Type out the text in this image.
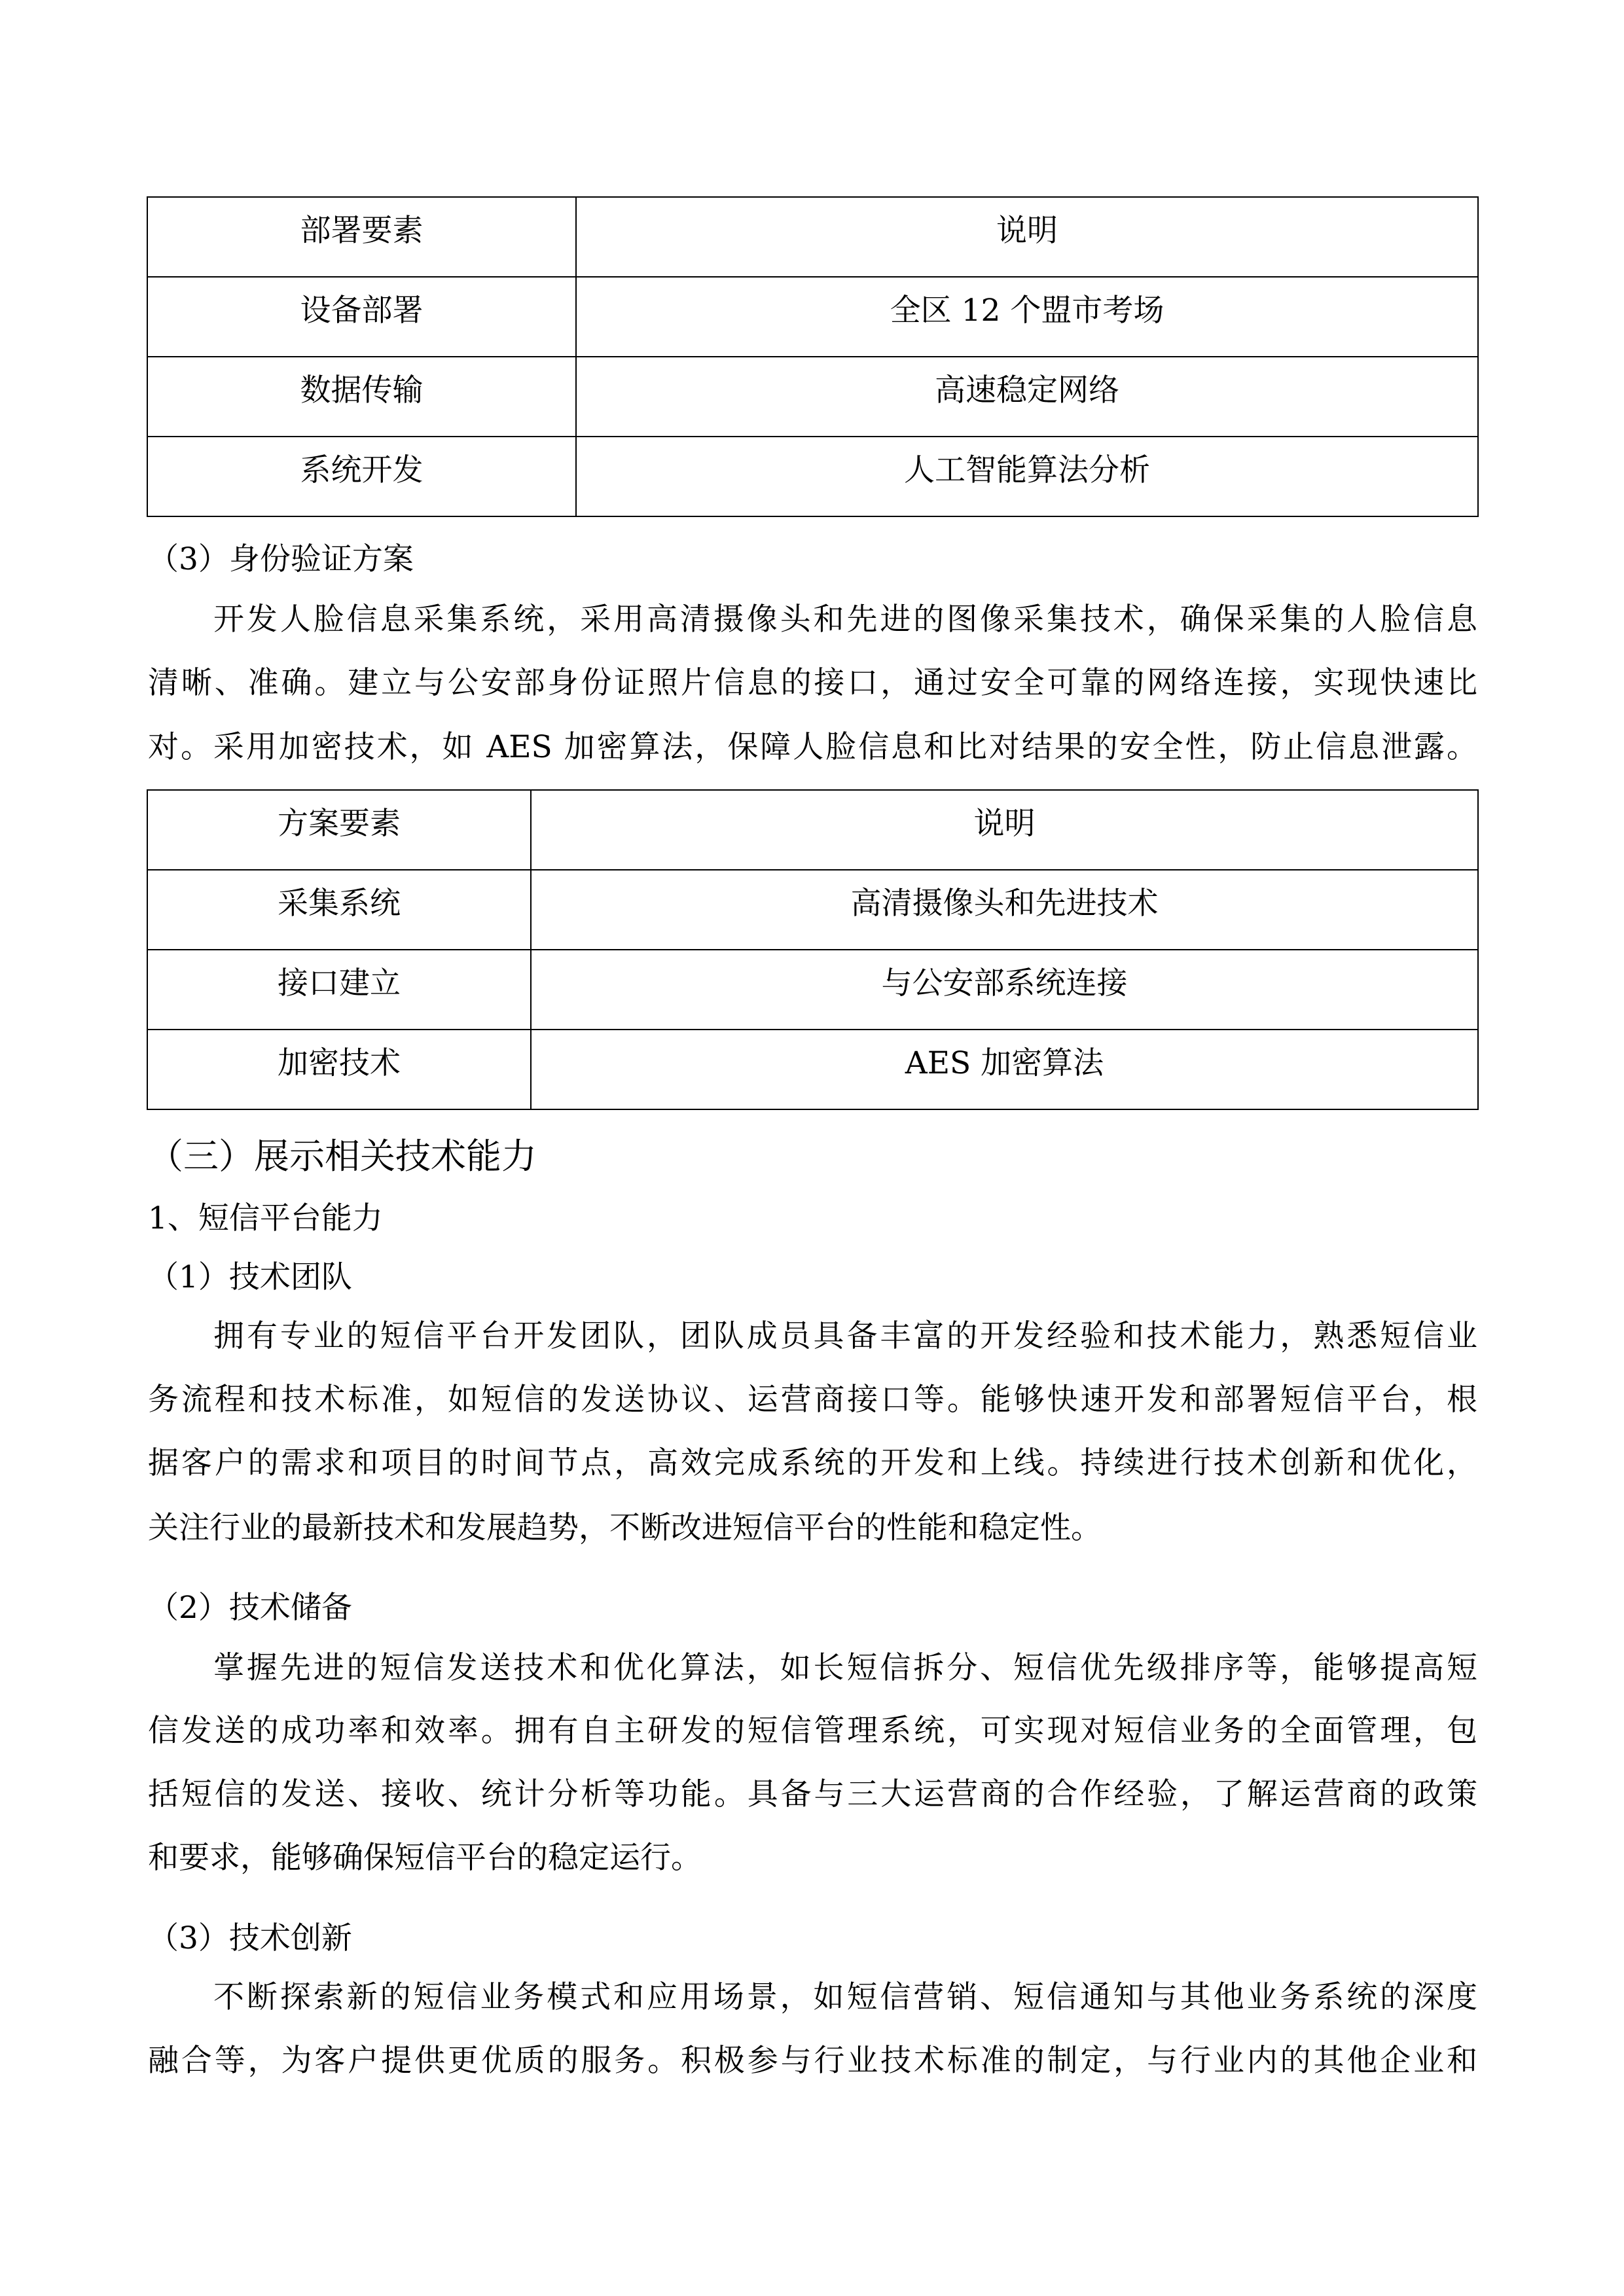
部署要素	说明
设备部署	全区 12 个盟市考场
数据传输	高速稳定网络
系统开发	人工智能算法分析
（3）身份验证方案
开发人脸信息采集系统，采用高清摄像头和先进的图像采集技术，确保采集的人脸信息
清晰、准确。建立与公安部身份证照片信息的接口，通过安全可靠的网络连接，实现快速比
对。采用加密技术，如 AES 加密算法，保障人脸信息和比对结果的安全性，防止信息泄露。
方案要素	说明
采集系统	高清摄像头和先进技术
接口建立	与公安部系统连接
加密技术	AES 加密算法
（三）展示相关技术能力
1、短信平台能力
（1）技术团队
拥有专业的短信平台开发团队，团队成员具备丰富的开发经验和技术能力，熟悉短信业
务流程和技术标准，如短信的发送协议、运营商接口等。能够快速开发和部署短信平台，根
据客户的需求和项目的时间节点，高效完成系统的开发和上线。持续进行技术创新和优化，
关注行业的最新技术和发展趋势，不断改进短信平台的性能和稳定性。
（2）技术储备
掌握先进的短信发送技术和优化算法，如长短信拆分、短信优先级排序等，能够提高短
信发送的成功率和效率。拥有自主研发的短信管理系统，可实现对短信业务的全面管理，包
括短信的发送、接收、统计分析等功能。具备与三大运营商的合作经验，了解运营商的政策
和要求，能够确保短信平台的稳定运行。
（3）技术创新
不断探索新的短信业务模式和应用场景，如短信营销、短信通知与其他业务系统的深度
融合等，为客户提供更优质的服务。积极参与行业技术标准的制定，与行业内的其他企业和
